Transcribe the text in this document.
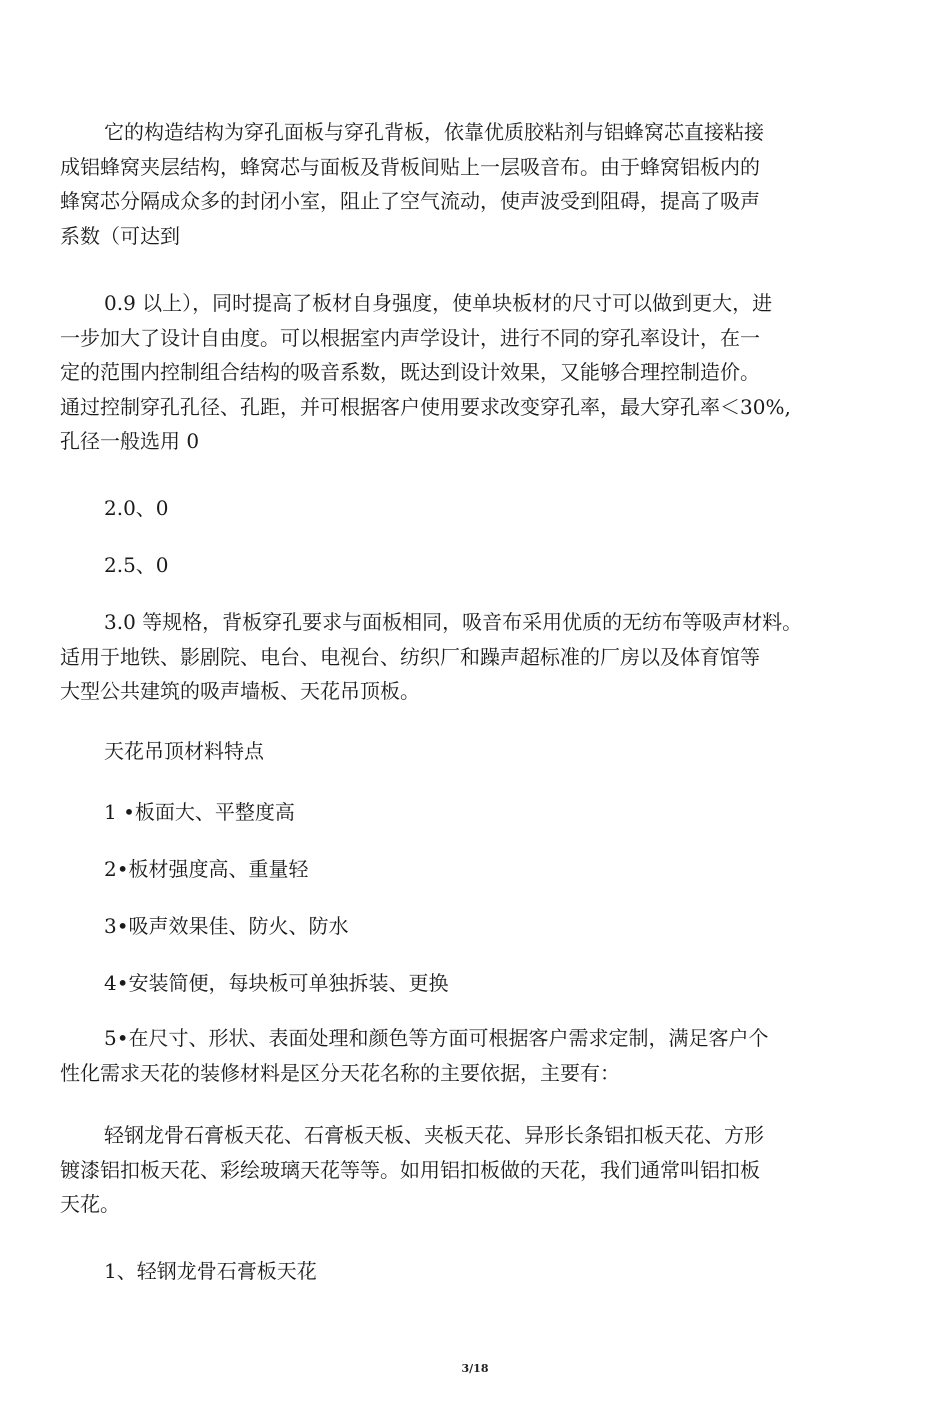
它的构造结构为穿孔面板与穿孔背板，依靠优质胶粘剂与铝蜂窝芯直接粘接
成铝蜂窝夹层结构，蜂窝芯与面板及背板间贴上一层吸音布。由于蜂窝铝板内的
蜂窝芯分隔成众多的封闭小室，阻止了空气流动，使声波受到阻碍，提高了吸声
系数（可达到

0.9 以上），同时提高了板材自身强度，使单块板材的尺寸可以做到更大，进
一步加大了设计自由度。可以根据室内声学设计，进行不同的穿孔率设计，在一
定的范围内控制组合结构的吸音系数，既达到设计效果，又能够合理控制造价。
通过控制穿孔孔径、孔距，并可根据客户使用要求改变穿孔率，最大穿孔率＜30%,
孔径一般选用 0

2.0、0

2.5、0

3.0 等规格，背板穿孔要求与面板相同，吸音布采用优质的无纺布等吸声材料。
适用于地铁、影剧院、电台、电视台、纺织厂和躁声超标准的厂房以及体育馆等
大型公共建筑的吸声墙板、天花吊顶板。

天花吊顶材料特点

1 •板面大、平整度高

2•板材强度高、重量轻

3•吸声效果佳、防火、防水

4•安装简便，每块板可单独拆装、更换

5•在尺寸、形状、表面处理和颜色等方面可根据客户需求定制，满足客户个
性化需求天花的装修材料是区分天花名称的主要依据，主要有：

轻钢龙骨石膏板天花、石膏板天板、夹板天花、异形长条铝扣板天花、方形
镀漆铝扣板天花、彩绘玻璃天花等等。如用铝扣板做的天花，我们通常叫铝扣板
天花。

1、轻钢龙骨石膏板天花

3/18
